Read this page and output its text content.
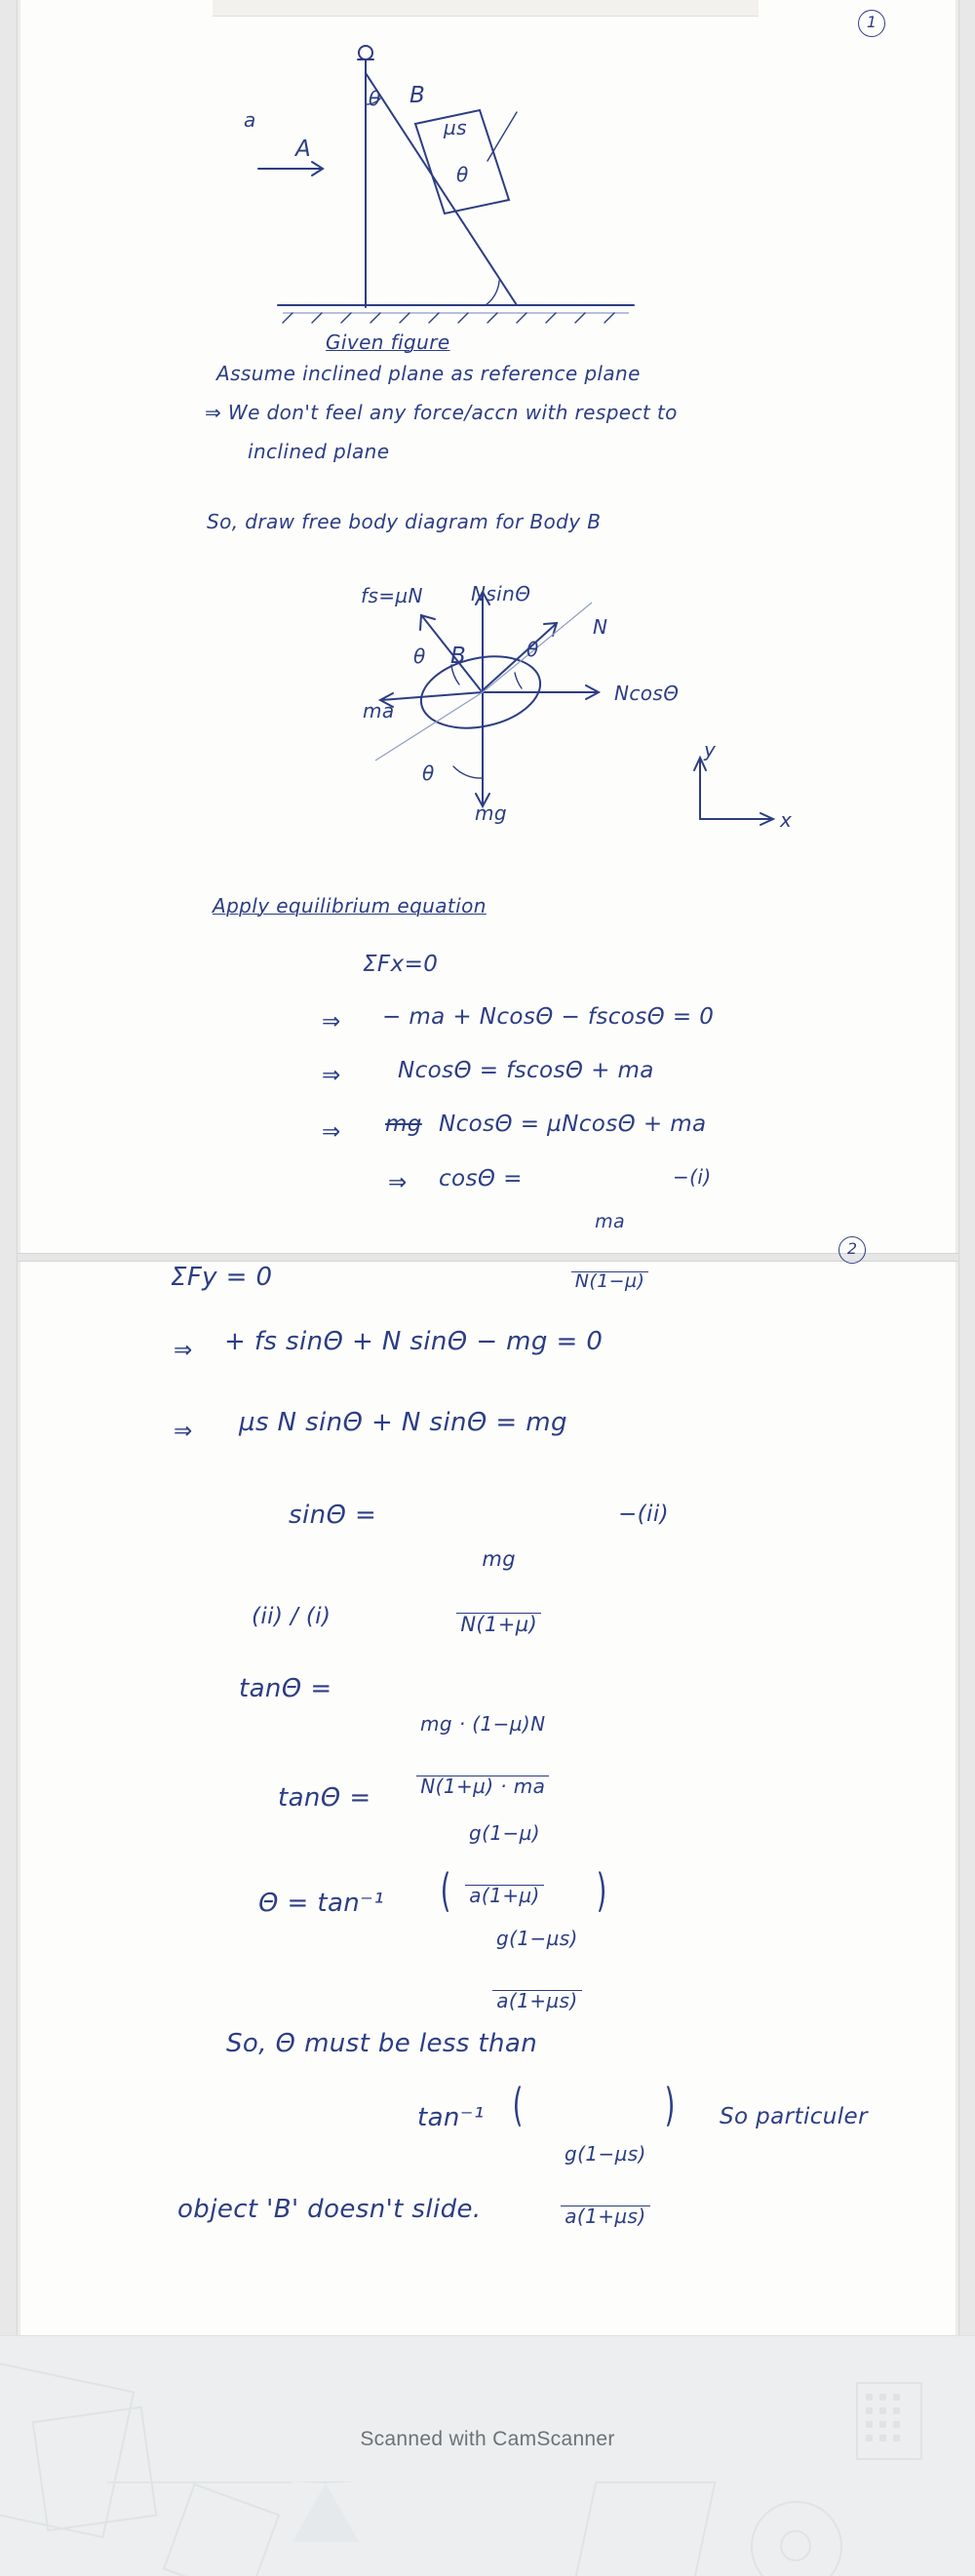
1
a
θ B
µs
A
θ
Given figure
Assume inclined plane as reference plane
⇒ We don't feel any force/accn with respect to
inclined plane
So, draw free body diagram for Body B
fs=µN NsinΘ
N
θ B	θ
NcosΘ
ma
θ
mg
y
x
Apply equilibrium equation
ΣFx=0
⇒ − ma + NcosΘ − fscosΘ = 0
⇒	NcosΘ = fscosΘ + ma
⇒ mg NcosΘ = µNcosΘ + ma
⇒ cosΘ =

	$\frac{ma}{\text{N(1−µ)}}$

−(i)
2
ΣFy = 0
⇒ + fs sinΘ + N sinΘ − mg = 0
⇒ µs N sinΘ + N sinΘ = mg
sinΘ =

	$\frac{mg}{\text{N(1+µ)}}$

	−(ii)
(ii) / (i)
tanΘ =

	$\frac{\text{mg · (1−µ)N}}{\text{N(1+µ) · ma}}$

tanΘ =

	$\frac{\text{g(1−µ)}}{\text{a(1+µ)}}$

Θ = tan⁻¹ (

$\frac{\text{g(1−µs)}}{\text{a(1+µs)}}$

)
So, Θ must be less than
tan⁻¹ (

$\frac{\text{g(1−µs)}}{\text{a(1+µs)}}$

) So particuler
object 'B' doesn't slide.
Scanned with CamScanner
